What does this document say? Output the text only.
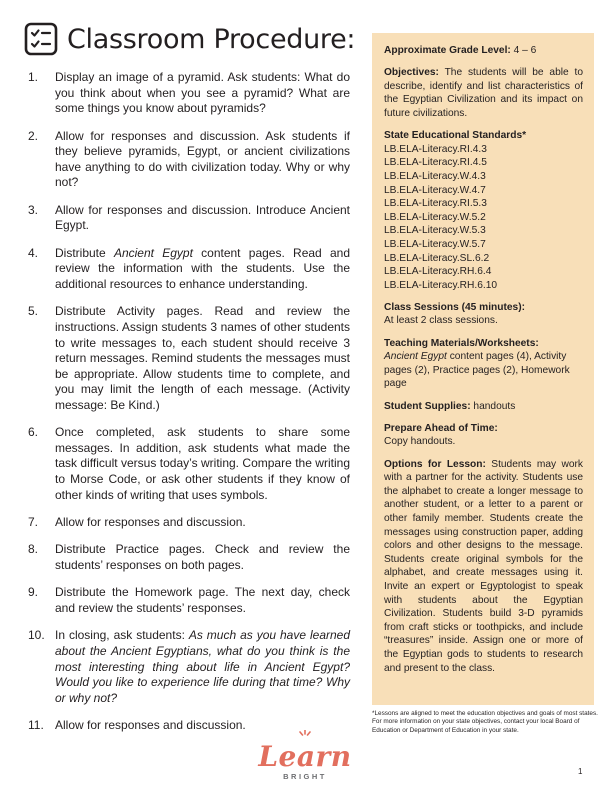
Classroom Procedure:
1.	Display an image of a pyramid. Ask students: What do you think about when you see a pyramid? What are some things you know about pyramids?
2.	Allow for responses and discussion. Ask students if they believe pyramids, Egypt, or ancient civilizations have anything to do with civilization today. Why or why not?
3.	Allow for responses and discussion. Introduce Ancient Egypt.
4.	Distribute Ancient Egypt content pages. Read and review the information with the students. Use the additional resources to enhance understanding.
5.	Distribute Activity pages. Read and review the instructions. Assign students 3 names of other students to write messages to, each student should receive 3 return messages. Remind students the messages must be appropriate. Allow students time to complete, and you may limit the length of each message. (Activity message: Be Kind.)
6.	Once completed, ask students to share some messages. In addition, ask students what made the task difficult versus today’s writing. Compare the writing to Morse Code, or ask other students if they know of other kinds of writing that uses symbols.
7.	Allow for responses and discussion.
8.	Distribute Practice pages. Check and review the students’ responses on both pages.
9.	Distribute the Homework page. The next day, check and review the students’ responses.
10. In closing, ask students: As much as you have learned about the Ancient Egyptians, what do you think is the most interesting thing about life in Ancient Egypt? Would you like to experience life during that time? Why or why not?
11. Allow for responses and discussion.
Approximate Grade Level: 4 – 6
Objectives: The students will be able to describe, identify and list characteristics of the Egyptian Civilization and its impact on future civilizations.
State Educational Standards*
LB.ELA-Literacy.RI.4.3
LB.ELA-Literacy.RI.4.5
LB.ELA-Literacy.W.4.3
LB.ELA-Literacy.W.4.7
LB.ELA-Literacy.RI.5.3
LB.ELA-Literacy.W.5.2
LB.ELA-Literacy.W.5.3
LB.ELA-Literacy.W.5.7
LB.ELA-Literacy.SL.6.2
LB.ELA-Literacy.RH.6.4
LB.ELA-Literacy.RH.6.10
Class Sessions (45 minutes):
At least 2 class sessions.
Teaching Materials/Worksheets:
Ancient Egypt content pages (4), Activity pages (2), Practice pages (2), Homework page
Student Supplies: handouts
Prepare Ahead of Time:
Copy handouts.
Options for Lesson: Students may work with a partner for the activity. Students use the alphabet to create a longer message to another student, or a letter to a parent or other family member. Students create the messages using construction paper, adding colors and other designs to the message. Students create original symbols for the alphabet, and create messages using it. Invite an expert or Egyptologist to speak with students about the Egyptian Civilization. Students build 3-D pyramids from craft sticks or toothpicks, and include “treasures” inside. Assign one or more of the Egyptian gods to students to research and present to the class.

*Lessons are aligned to meet the education objectives and goals of most states. For more information on your state objectives, contact your local Board of Education or Department of Education in your state.

Learn
BRIGHT
1
